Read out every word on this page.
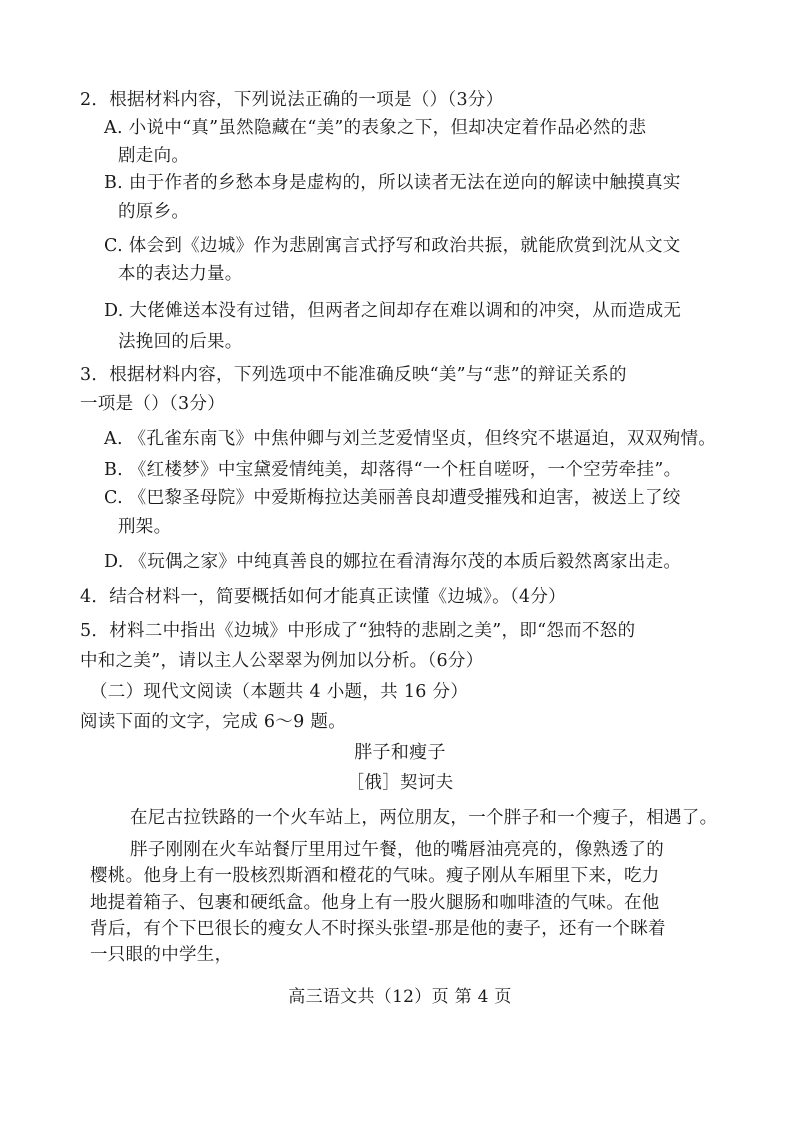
2．根据材料内容，下列说法正确的一项是（）（3分）
A. 小说中“真”虽然隐藏在“美”的表象之下，但却决定着作品必然的悲
剧走向。
B. 由于作者的乡愁本身是虚构的，所以读者无法在逆向的解读中触摸真实
的原乡。
C. 体会到《边城》作为悲剧寓言式抒写和政治共振，就能欣赏到沈从文文
本的表达力量。
D. 大佬傩送本没有过错，但两者之间却存在难以调和的冲突，从而造成无
法挽回的后果。
3．根据材料内容，下列选项中不能准确反映“美”与“悲”的辩证关系的
一项是（）（3分）
A. 《孔雀东南飞》中焦仲卿与刘兰芝爱情坚贞，但终究不堪逼迫，双双殉情。
B. 《红楼梦》中宝黛爱情纯美，却落得“一个枉自嗟呀，一个空劳牵挂”。
C. 《巴黎圣母院》中爱斯梅拉达美丽善良却遭受摧残和迫害，被送上了绞
刑架。
D. 《玩偶之家》中纯真善良的娜拉在看清海尔茂的本质后毅然离家出走。
4．结合材料一，简要概括如何才能真正读懂《边城》。（4分）
5．材料二中指出《边城》中形成了“独特的悲剧之美”，即“怨而不怒的
中和之美”，请以主人公翠翠为例加以分析。（6分）
（二）现代文阅读（本题共 4 小题，共 16 分）
阅读下面的文字，完成 6～9 题。
胖子和瘦子
［俄］契诃夫
在尼古拉铁路的一个火车站上，两位朋友，一个胖子和一个瘦子，相遇了。
胖子刚刚在火车站餐厅里用过午餐，他的嘴唇油亮亮的，像熟透了的
樱桃。他身上有一股核烈斯酒和橙花的气味。瘦子刚从车厢里下来，吃力
地提着箱子、包裹和硬纸盒。他身上有一股火腿肠和咖啡渣的气味。在他
背后，有个下巴很长的瘦女人不时探头张望-那是他的妻子，还有一个眯着
一只眼的中学生，
高三语文共（12）页 第 4 页
